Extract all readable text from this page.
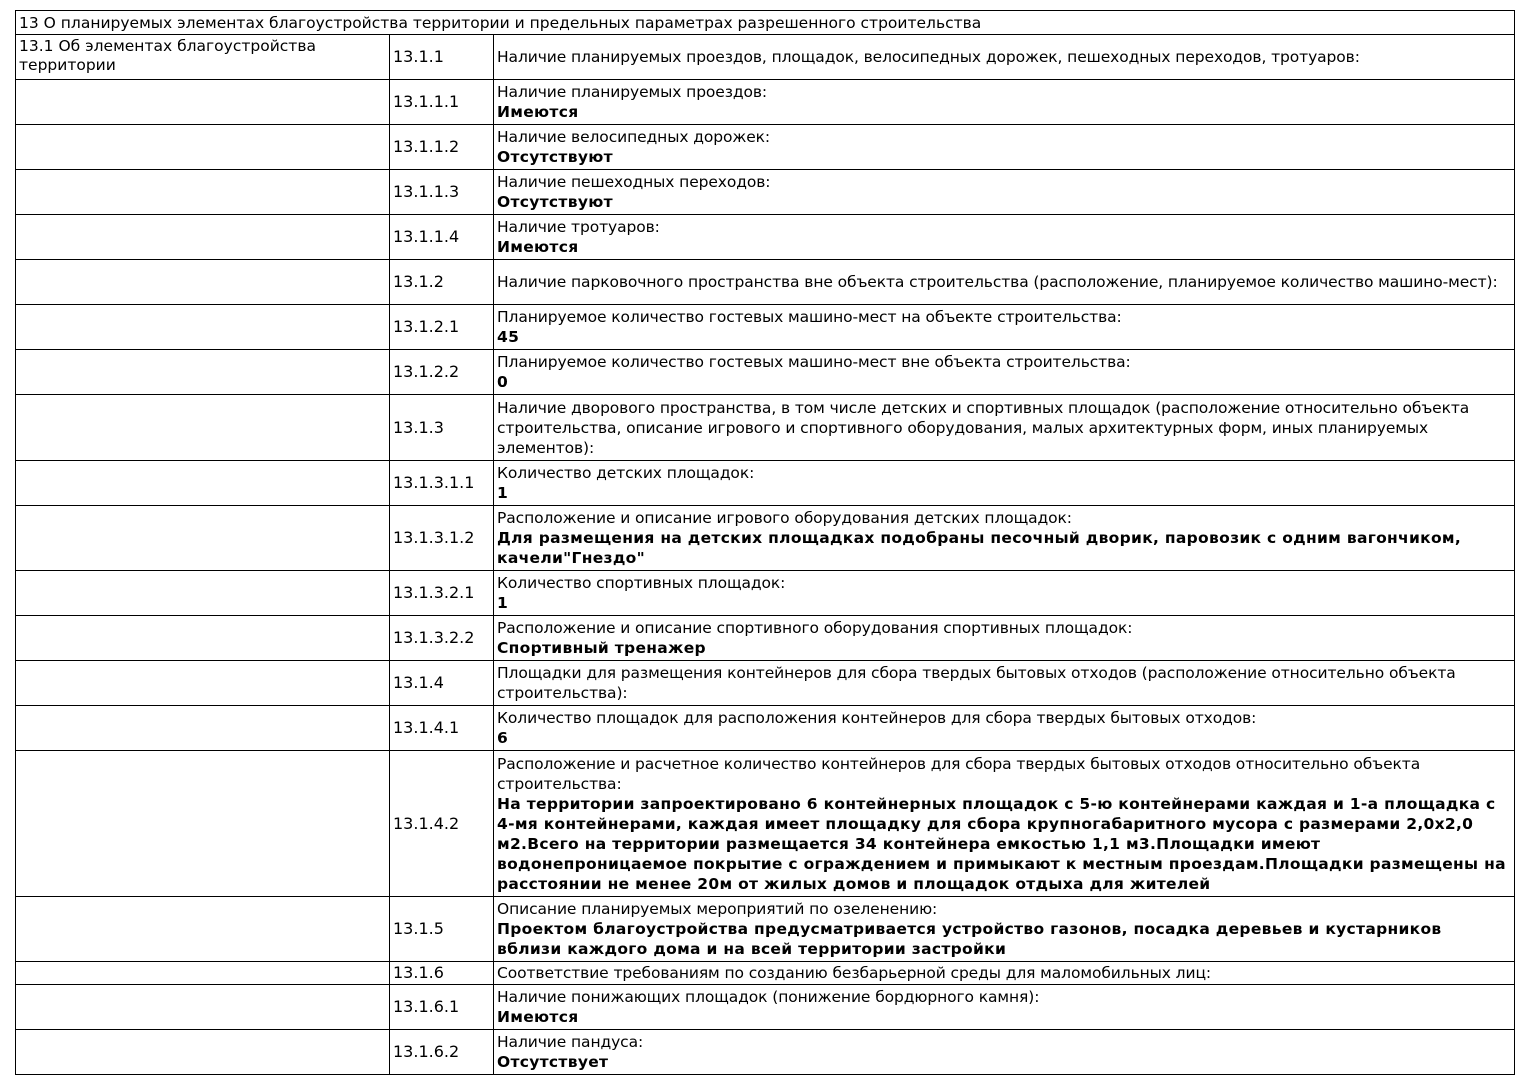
13 О планируемых элементах благоустройства территории и предельных параметрах разрешенного строительства		
13.1 Об элементах благоустройства территории	13.1.1	Наличие планируемых проездов, площадок, велосипедных дорожек, пешеходных переходов, тротуаров:

	13.1.1.1	Наличие планируемых проездов:
Имеются

	13.1.1.2	Наличие велосипедных дорожек:
Отсутствуют

	13.1.1.3	Наличие пешеходных переходов:
Отсутствуют

	13.1.1.4	Наличие тротуаров:
Имеются

	13.1.2	Наличие парковочного пространства вне объекта строительства (расположение, планируемое количество машино-мест):

	13.1.2.1	Планируемое количество гостевых машино-мест на объекте строительства:
45

	13.1.2.2	Планируемое количество гостевых машино-мест вне объекта строительства:
0

	13.1.3	Наличие дворового пространства, в том числе детских и спортивных площадок (расположение относительно объекта строительства, описание игрового и спортивного оборудования, малых архитектурных форм, иных планируемых элементов):

	13.1.3.1.1	Количество детских площадок:
1

	13.1.3.1.2	Расположение и описание игрового оборудования детских площадок:
Для размещения на детских площадках подобраны песочный дворик, паровозик с одним вагончиком, качели"Гнездо"

	13.1.3.2.1	Количество спортивных площадок:
1

	13.1.3.2.2	Расположение и описание спортивного оборудования спортивных площадок:
Спортивный тренажер

	13.1.4	Площадки для размещения контейнеров для сбора твердых бытовых отходов (расположение относительно объекта строительства):

	13.1.4.1	Количество площадок для расположения контейнеров для сбора твердых бытовых отходов:
6

	13.1.4.2	Расположение и расчетное количество контейнеров для сбора твердых бытовых отходов относительно объекта строительства:
На территории запроектировано 6 контейнерных площадок с 5-ю контейнерами каждая и 1-а площадка с 4-мя контейнерами, каждая имеет площадку для сбора крупногабаритного мусора с размерами 2,0х2,0 м2.Всего на территории размещается 34 контейнера емкостью 1,1 м3.Площадки имеют водонепроницаемое покрытие с ограждением и примыкают к местным проездам.Площадки размещены на расстоянии не менее 20м от жилых домов и площадок отдыха для жителей

	13.1.5	Описание планируемых мероприятий по озеленению:
Проектом благоустройства предусматривается устройство газонов, посадка деревьев и кустарников вблизи каждого дома и на всей территории застройки

	13.1.6	Соответствие требованиям по созданию безбарьерной среды для маломобильных лиц:

	13.1.6.1	Наличие понижающих площадок (понижение бордюрного камня):
Имеются

	13.1.6.2	Наличие пандуса:
Отсутствует
